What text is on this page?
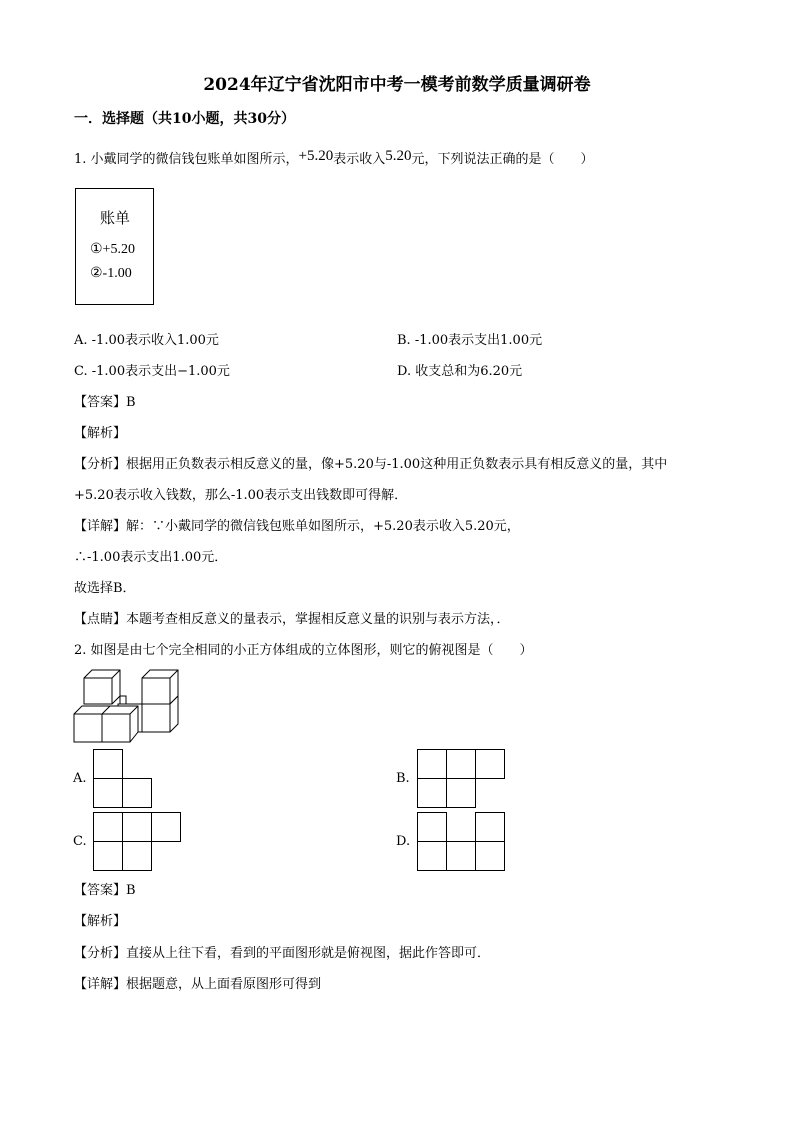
2024年辽宁省沈阳市中考一模考前数学质量调研卷
一．选择题（共10小题，共30分）
1. 小戴同学的微信钱包账单如图所示，+5.20表示收入5.20元，下列说法正确的是（　　）
账单
①+5.20
②-1.00
A. -1.00表示收入1.00元	B. -1.00表示支出1.00元
C. -1.00表示支出−1.00元	D. 收支总和为6.20元
【答案】B
【解析】
【分析】根据用正负数表示相反意义的量，像+5.20与-1.00这种用正负数表示具有相反意义的量，其中
+5.20表示收入钱数，那么-1.00表示支出钱数即可得解．
【详解】解：∵小戴同学的微信钱包账单如图所示，+5.20表示收入5.20元，
∴-1.00表示支出1.00元．
故选择B．
【点睛】本题考查相反意义的量表示，掌握相反意义量的识别与表示方法，．
2. 如图是由七个完全相同的小正方体组成的立体图形，则它的俯视图是（　　）
A.	B.
C.	D.
【答案】B
【解析】
【分析】直接从上往下看，看到的平面图形就是俯视图，据此作答即可．
【详解】根据题意，从上面看原图形可得到
